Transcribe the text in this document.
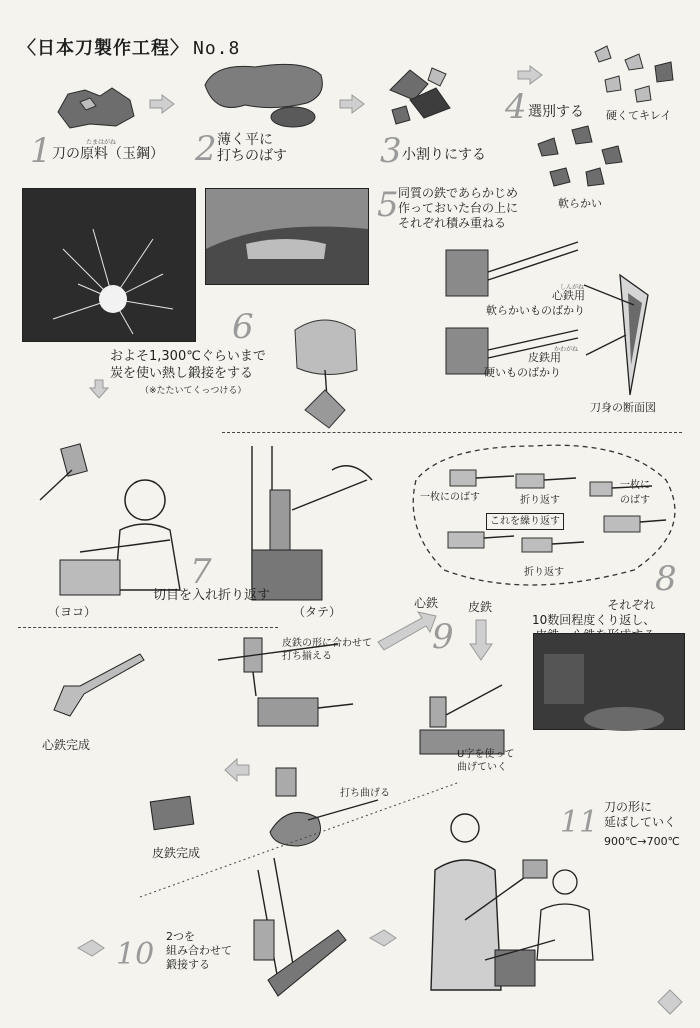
〈日本刀製作工程〉 No.8
1	たまはがね
刀の原料（玉鋼） 2 薄く平に
打ちのばす	3 小割りにする
4 選別する 硬くてキレイ
軟らかい
5 同質の鉄であらかじめ
作っておいた台の上に
それぞれ積み重ねる
しんがね
心鉄用
軟らかいものばかり
かわがね
皮鉄用
硬いものばかり
刀身の断面図
6
およそ1,300℃ぐらいまで
炭を使い熱し鍛接をする
（※たたいてくっつける）
（ヨコ）
7
切目を入れ折り返す
（タテ）
一枚にのばす	折り返す
一枚に
のばす
これを繰り返す
折り返す	8
それぞれ
10数回程度くり返し、

心鉄 皮鉄
9
皮鉄の形に合わせて
打ち揃える
心鉄完成
U字を使って
曲げていく
皮鉄完成
打ち曲げる
10
2つを
組み合わせて
鍛接する
11 刀の形に
延ばしていく
900℃→700℃
